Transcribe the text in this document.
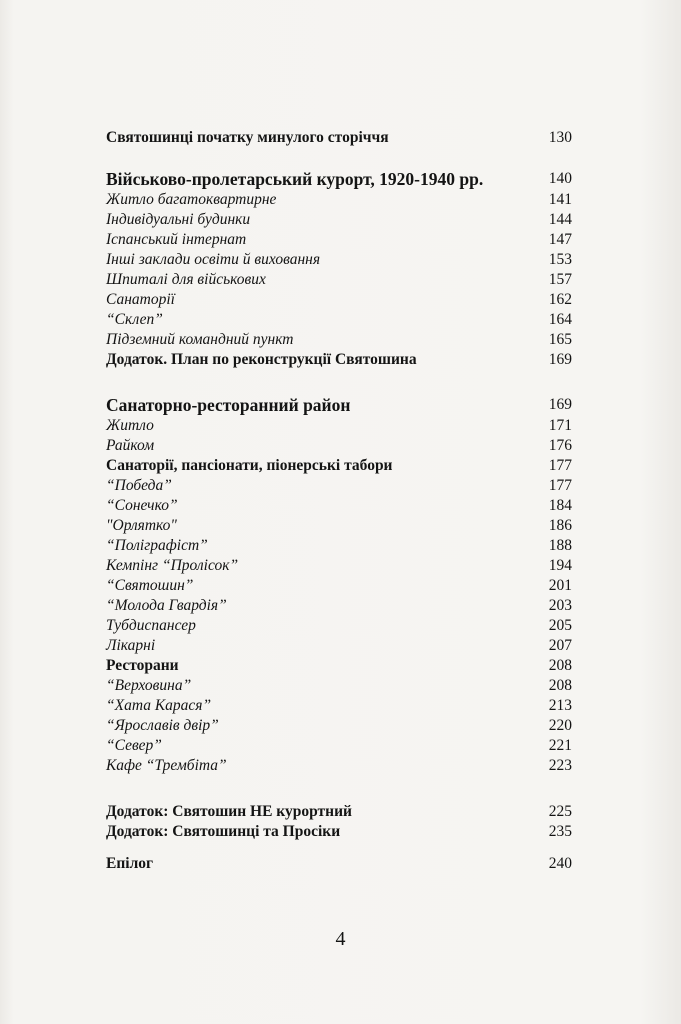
Святошинці початку минулого сторіччя	130
Військово-пролетарський курорт, 1920-1940 рр.	140
Житло багатоквартирне	141
Індивідуальні будинки	144
Іспанський інтернат	147
Інші заклади освіти й виховання	153
Шпиталі для військових	157
Санаторії	162
“Склеп”	164
Підземний командний пункт	165
Додаток. План по реконструкції Святошина	169
Санаторно-ресторанний район	169
Житло	171
Райком	176
Санаторії, пансіонати, піонерські табори	177
“Победа”	177
“Сонечко”	184
"Орлятко"	186
“Поліграфіст”	188
Кемпінг “Пролісок”	194
“Святошин”	201
“Молода Гвардія”	203
Тубдиспансер	205
Лікарні	207
Ресторани	208
“Верховина”	208
“Хата Карася”	213
“Ярославів двір”	220
“Север”	221
Кафе “Трембіта”	223
Додаток: Святошин НЕ курортний	225
Додаток: Святошинці та Просіки	235
Епілог	240
4
